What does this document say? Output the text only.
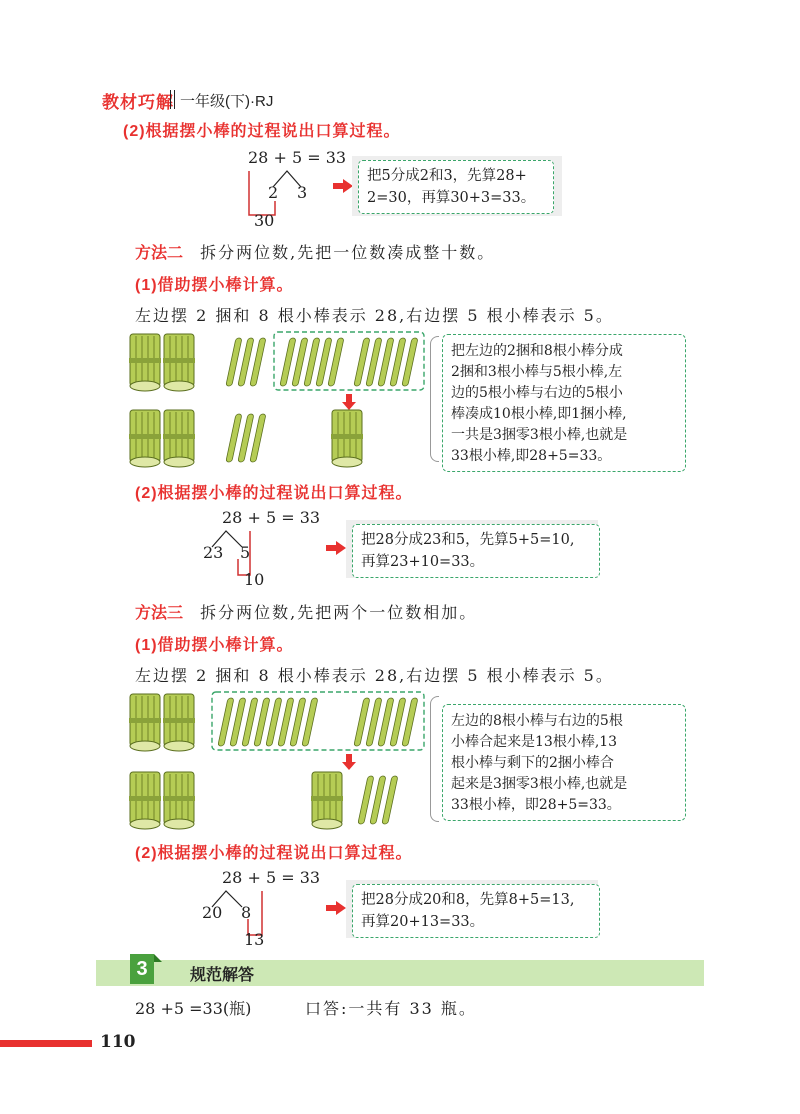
教材巧解 一年级(下)·RJ
(2)根据摆小棒的过程说出口算过程。
28 + 5 = 33
2 3
30
把5分成2和3，先算28+
2=30，再算30+3=33。
方法二 拆分两位数,先把一位数凑成整十数。
(1)借助摆小棒计算。
左边摆 2 捆和 8 根小棒表示 28,右边摆 5 根小棒表示 5。
把左边的2捆和8根小棒分成
2捆和3根小棒与5根小棒,左
边的5根小棒与右边的5根小
棒凑成10根小棒,即1捆小棒,
一共是3捆零3根小棒,也就是
33根小棒,即28+5=33。
(2)根据摆小棒的过程说出口算过程。
28 + 5 = 33
23 5
10
把28分成23和5，先算5+5=10,
再算23+10=33。
方法三 拆分两位数,先把两个一位数相加。
(1)借助摆小棒计算。
左边摆 2 捆和 8 根小棒表示 28,右边摆 5 根小棒表示 5。
左边的8根小棒与右边的5根
小棒合起来是13根小棒,13
根小棒与剩下的2捆小棒合
起来是3捆零3根小棒,也就是
33根小棒，即28+5=33。
(2)根据摆小棒的过程说出口算过程。
28 + 5 = 33
20 8
13
把28分成20和8，先算8+5=13,
再算20+13=33。
3	规范解答
28 +5 =33(瓶)	口答:一共有 33 瓶。
110
